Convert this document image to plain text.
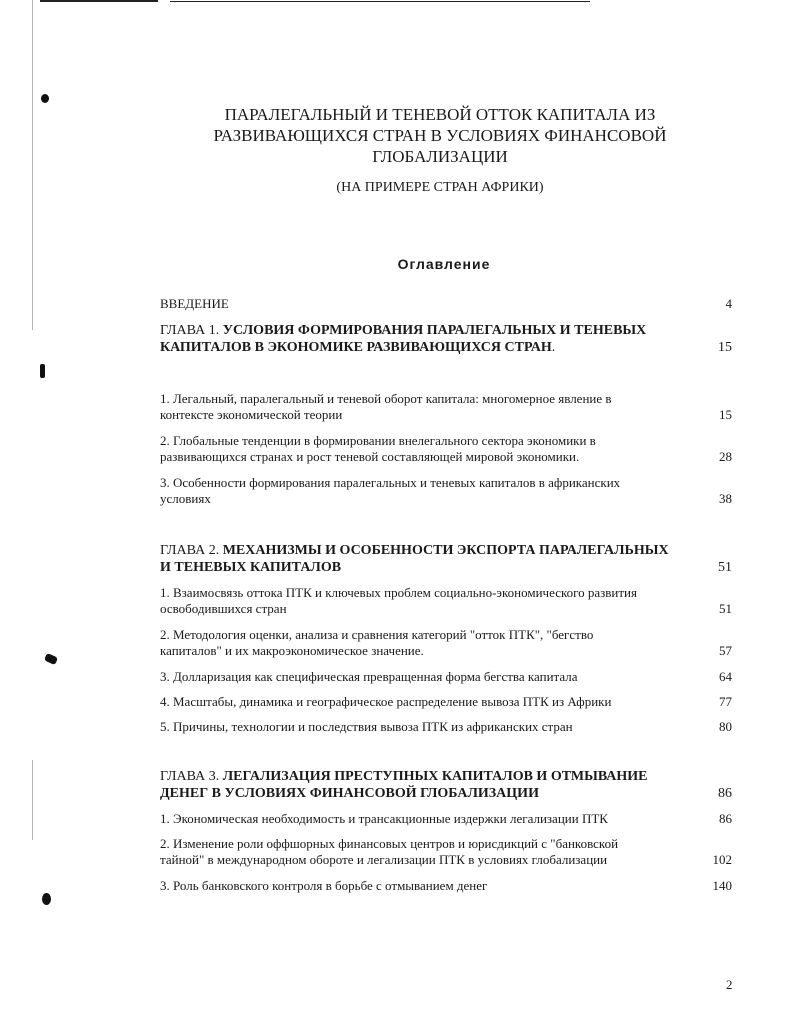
ПАРАЛЕГАЛЬНЫЙ И ТЕНЕВОЙ ОТТОК КАПИТАЛА ИЗ
РАЗВИВАЮЩИХСЯ СТРАН В УСЛОВИЯХ ФИНАНСОВОЙ
ГЛОБАЛИЗАЦИИ
(НА ПРИМЕРЕ СТРАН АФРИКИ)
Оглавление
ВВЕДЕНИЕ	4
ГЛАВА 1. УСЛОВИЯ ФОРМИРОВАНИЯ ПАРАЛЕГАЛЬНЫХ И ТЕНЕВЫХ
КАПИТАЛОВ В ЭКОНОМИКЕ РАЗВИВАЮЩИХСЯ СТРАН.	15
1. Легальный, паралегальный и теневой оборот капитала: многомерное явление в
контексте экономической теории	15
2. Глобальные тенденции в формировании внелегального сектора экономики в
развивающихся странах и рост теневой составляющей мировой экономики.	28
3. Особенности формирования паралегальных и теневых капиталов в африканских
условиях	38
ГЛАВА 2. МЕХАНИЗМЫ И ОСОБЕННОСТИ ЭКСПОРТА ПАРАЛЕГАЛЬНЫХ
И ТЕНЕВЫХ КАПИТАЛОВ	51
1. Взаимосвязь оттока ПТК и ключевых проблем социально-экономического развития
освободившихся стран	51
2. Методология оценки, анализа и сравнения категорий "отток ПТК", "бегство
капиталов" и их макроэкономическое значение.	57
3. Долларизация как специфическая превращенная форма бегства капитала	64
4. Масштабы, динамика и географическое распределение вывоза ПТК из Африки	77
5. Причины, технологии и последствия вывоза ПТК из африканских стран	80
ГЛАВА 3. ЛЕГАЛИЗАЦИЯ ПРЕСТУПНЫХ КАПИТАЛОВ И ОТМЫВАНИЕ
ДЕНЕГ В УСЛОВИЯХ ФИНАНСОВОЙ ГЛОБАЛИЗАЦИИ	86
1. Экономическая необходимость и трансакционные издержки легализации ПТК	86
2. Изменение роли оффшорных финансовых центров и юрисдикций с "банковской
тайной" в международном обороте и легализации ПТК в условиях глобализации	102
3. Роль банковского контроля в борьбе с отмыванием денег	140
2
